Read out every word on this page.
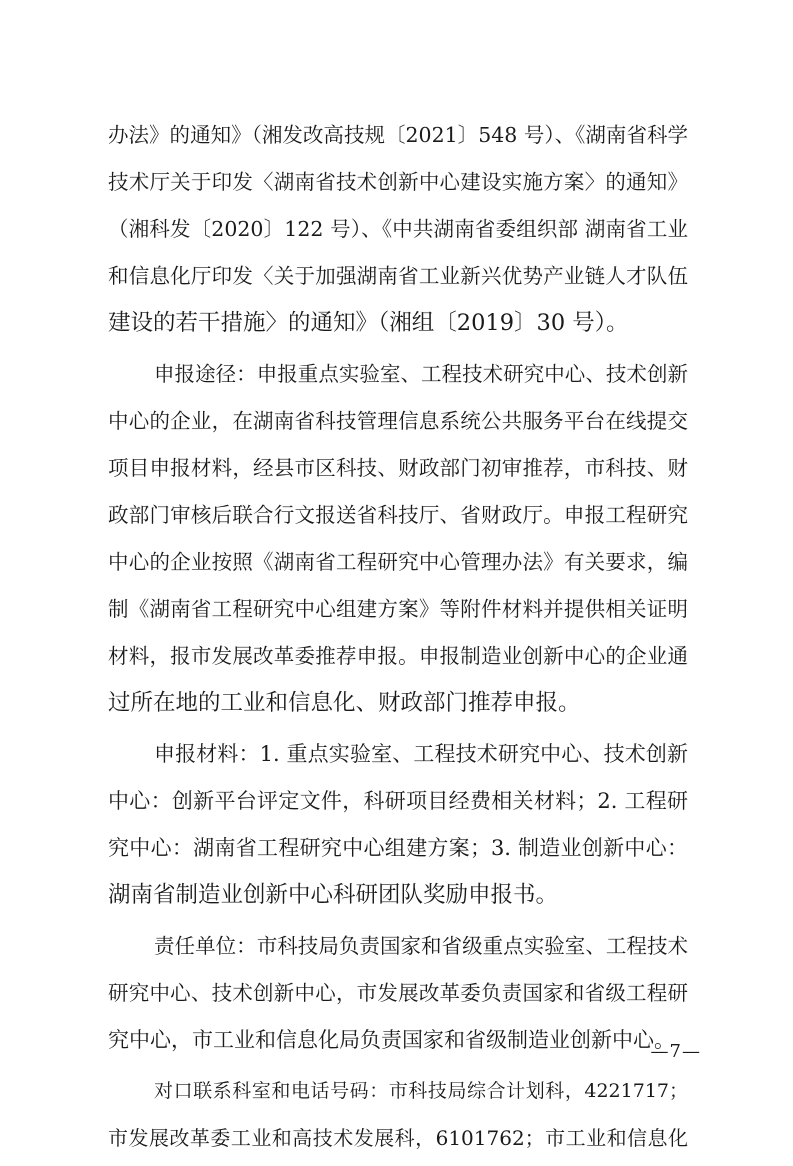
办法》的通知》（湘发改高技规〔2021〕548 号）、《湖南省科学
技术厅关于印发〈湖南省技术创新中心建设实施方案〉的通知》
（湘科发〔2020〕122 号）、《中共湖南省委组织部 湖南省工业
和信息化厅印发〈关于加强湖南省工业新兴优势产业链人才队伍
建设的若干措施〉的通知》（湘组〔2019〕30 号）。
申报途径：申报重点实验室、工程技术研究中心、技术创新
中心的企业，在湖南省科技管理信息系统公共服务平台在线提交
项目申报材料，经县市区科技、财政部门初审推荐，市科技、财
政部门审核后联合行文报送省科技厅、省财政厅。申报工程研究
中心的企业按照《湖南省工程研究中心管理办法》有关要求，编
制《湖南省工程研究中心组建方案》等附件材料并提供相关证明
材料，报市发展改革委推荐申报。申报制造业创新中心的企业通
过所在地的工业和信息化、财政部门推荐申报。
申报材料：1. 重点实验室、工程技术研究中心、技术创新
中心：创新平台评定文件，科研项目经费相关材料；2. 工程研
究中心：湖南省工程研究中心组建方案；3. 制造业创新中心：
湖南省制造业创新中心科研团队奖励申报书。
责任单位：市科技局负责国家和省级重点实验室、工程技术
研究中心、技术创新中心，市发展改革委负责国家和省级工程研
究中心，市工业和信息化局负责国家和省级制造业创新中心。
对口联系科室和电话号码：市科技局综合计划科，4221717；
市发展改革委工业和高技术发展科，6101762；市工业和信息化
—7—
